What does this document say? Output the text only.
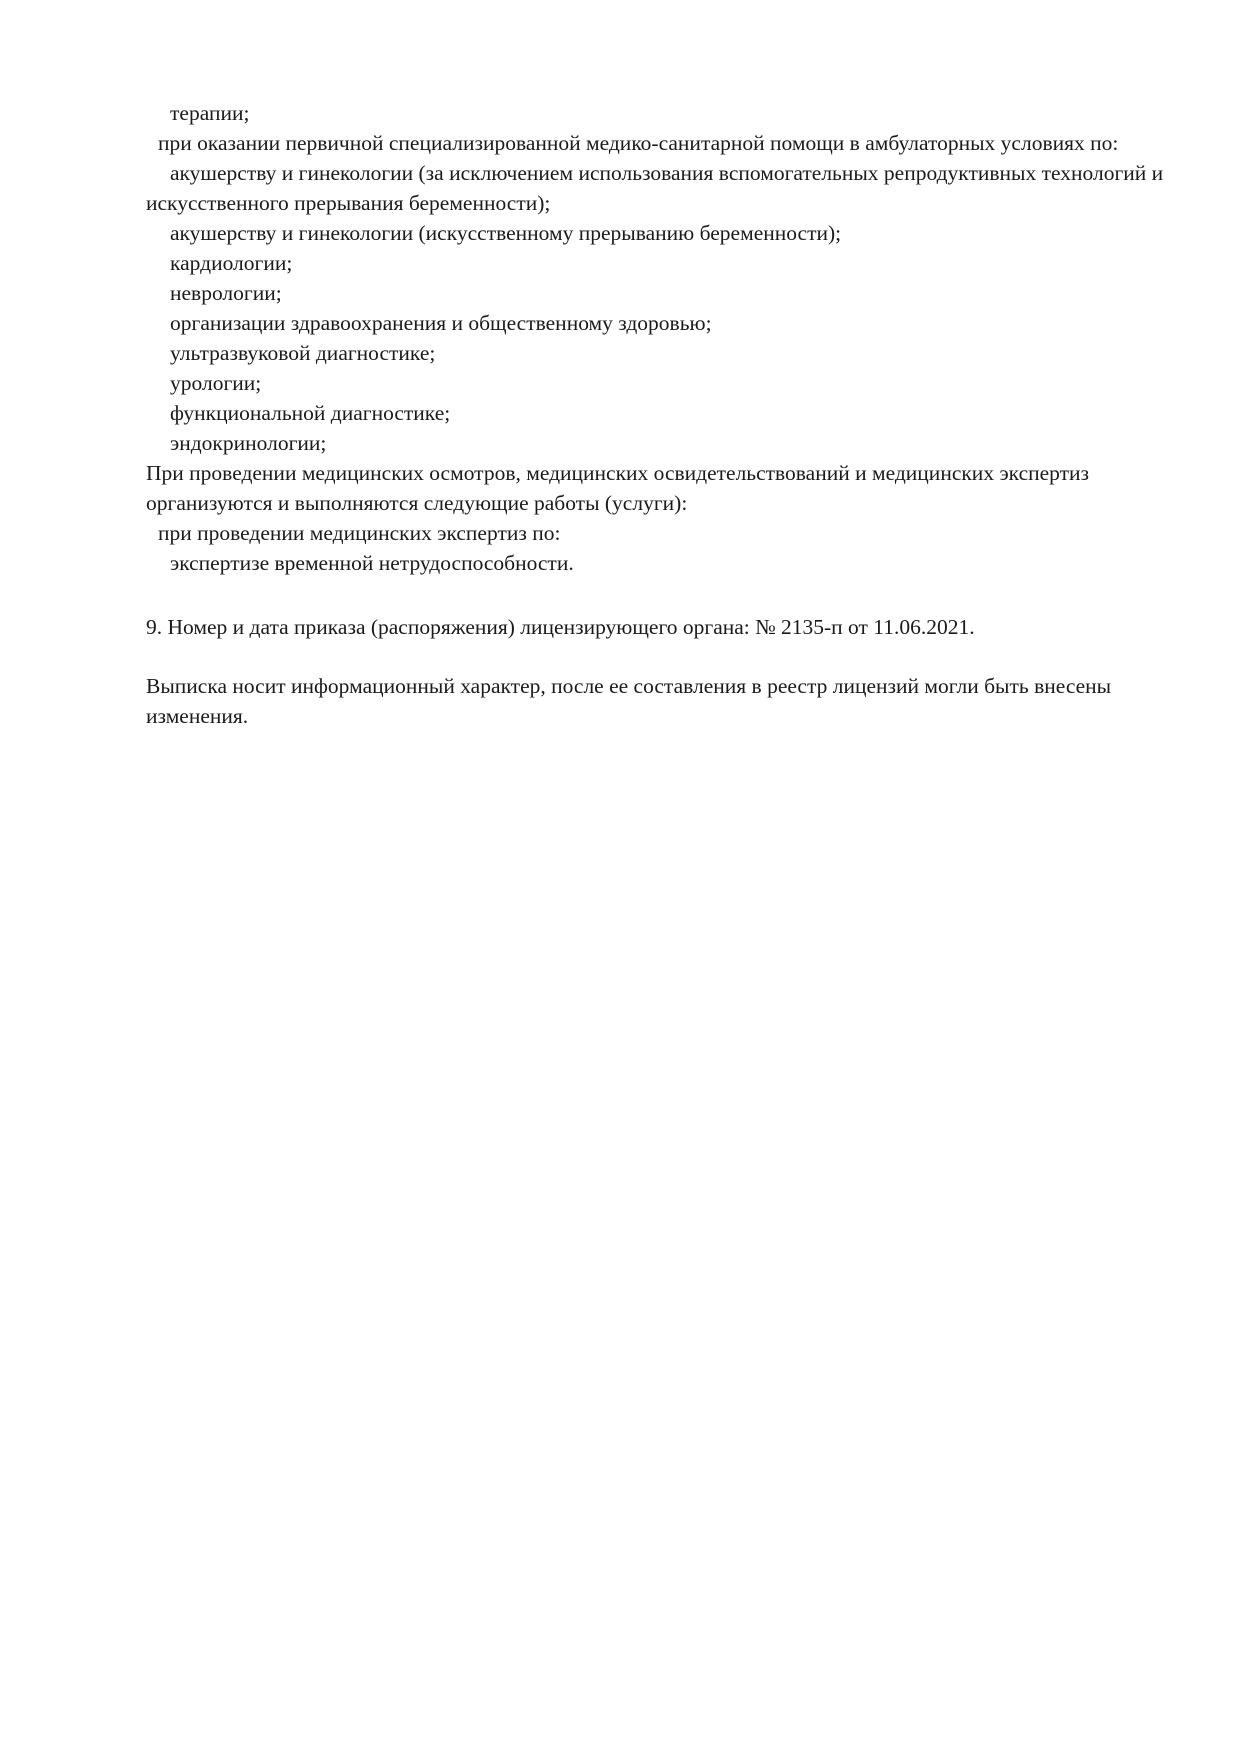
терапии;
при оказании первичной специализированной медико-санитарной помощи в амбулаторных условиях по:
акушерству и гинекологии (за исключением использования вспомогательных репродуктивных технологий и искусственного прерывания беременности);
акушерству и гинекологии (искусственному прерыванию беременности);
кардиологии;
неврологии;
организации здравоохранения и общественному здоровью;
ультразвуковой диагностике;
урологии;
функциональной диагностике;
эндокринологии;
При проведении медицинских осмотров, медицинских освидетельствований и медицинских экспертиз организуются и выполняются следующие работы (услуги):
при проведении медицинских экспертиз по:
экспертизе временной нетрудоспособности.
9. Номер и дата приказа (распоряжения) лицензирующего органа: № 2135-п от 11.06.2021.
Выписка носит информационный характер, после ее составления в реестр лицензий могли быть внесены изменения.
